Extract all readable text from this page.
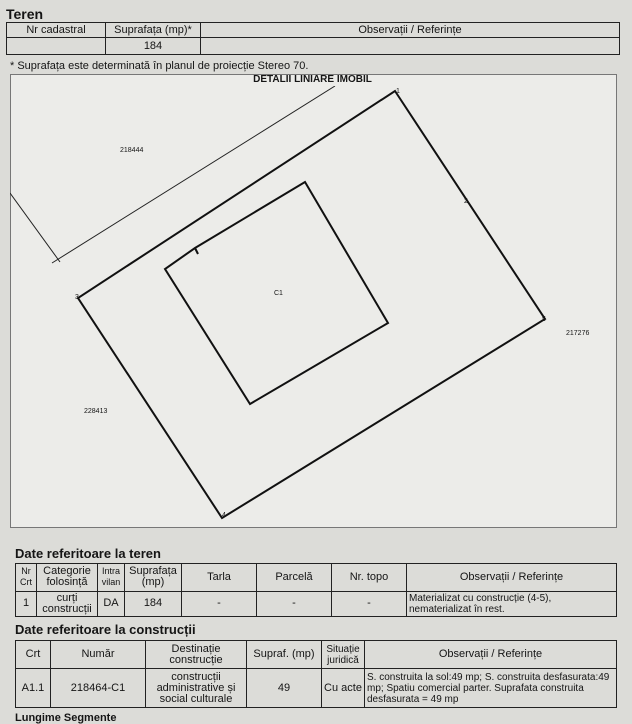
Teren
Nr cadastral	Suprafața (mp)*	Observații / Referințe
	184	
* Suprafața este determinată în planul de proiecție Stereo 70.
DETALII LINIARE IMOBIL
218444
C1
217276
228413
1
2
3
4
5
Date referitoare la teren
Nr Crt	Categorie folosință	Intra vilan	Suprafața (mp)	Tarla	Parcelă	Nr. topo	Observații / Referințe
1	curți construcții	DA	184	-	-	-	Materializat cu construcție (4-5), nematerializat în rest.
Date referitoare la construcții
Crt	Număr	Destinație construcție	Supraf. (mp)	Situație juridică	Observații / Referințe
A1.1	218464-C1	construcții administrative și social culturale	49	Cu acte	S. construita la sol:49 mp; S. construita desfasurata:49 mp; Spatiu comercial parter. Suprafata construita desfasurata = 49 mp
Lungime Segmente
